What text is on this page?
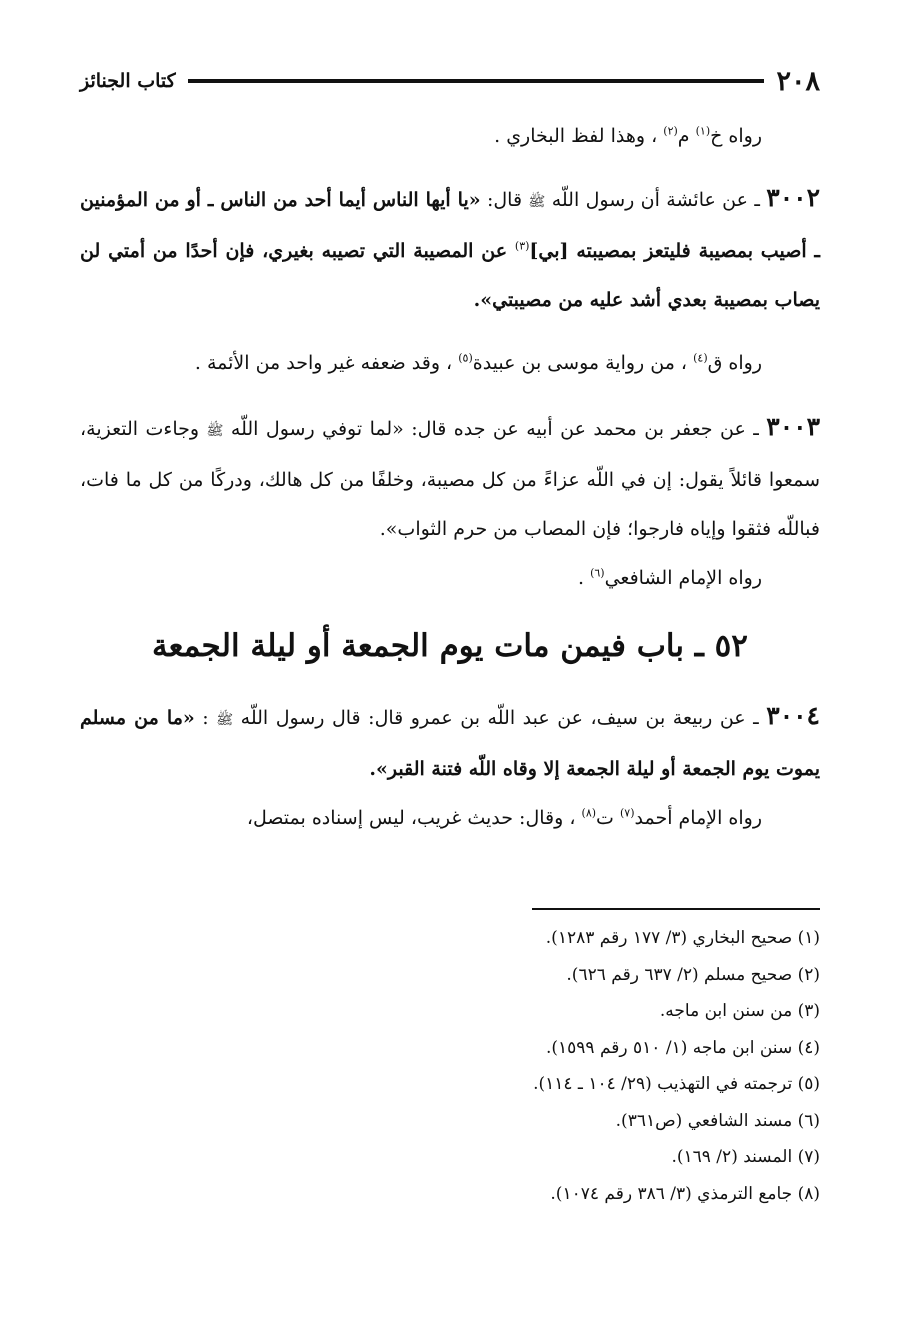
٢٠٨
كتاب الجنائز

رواه خ$^{(١)}$ م$^{(٢)}$ ، وهذا لفظ البخاري .

٣٠٠٢ ـ عن عائشة أن رسول اللّه ﷺ قال: «يا أيها الناس أيما أحد من الناس ـ أو من المؤمنين ـ أصيب بمصيبة فليتعز بمصيبته [بي]$^{(٣)}$ عن المصيبة التي تصيبه بغيري، فإن أحدًا من أمتي لن يصاب بمصيبة بعدي أشد عليه من مصيبتي».

رواه ق$^{(٤)}$ ، من رواية موسى بن عبيدة$^{(٥)}$ ، وقد ضعفه غير واحد من الأئمة .

٣٠٠٣ ـ عن جعفر بن محمد عن أبيه عن جده قال: «لما توفي رسول اللّه ﷺ وجاءت التعزية، سمعوا قائلاً يقول: إن في اللّه عزاءً من كل مصيبة، وخلفًا من كل هالك، ودركًا من كل ما فات، فباللّه فثقوا وإياه فارجوا؛ فإن المصاب من حرم الثواب».

رواه الإمام الشافعي$^{(٦)}$ .

٥٢ ـ باب فيمن مات يوم الجمعة أو ليلة الجمعة

٣٠٠٤ ـ عن ربيعة بن سيف، عن عبد اللّه بن عمرو قال: قال رسول اللّه ﷺ : «ما من مسلم يموت يوم الجمعة أو ليلة الجمعة إلا وقاه اللّه فتنة القبر».

رواه الإمام أحمد$^{(٧)}$ ت$^{(٨)}$ ، وقال: حديث غريب، ليس إسناده بمتصل،

(١) صحيح البخاري (٣/ ١٧٧ رقم ١٢٨٣).
(٢) صحيح مسلم (٢/ ٦٣٧ رقم ٦٢٦).
(٣) من سنن ابن ماجه.
(٤) سنن ابن ماجه (١/ ٥١٠ رقم ١٥٩٩).
(٥) ترجمته في التهذيب (٢٩/ ١٠٤ ـ ١١٤).
(٦) مسند الشافعي (ص٣٦١).
(٧) المسند (٢/ ١٦٩).
(٨) جامع الترمذي (٣/ ٣٨٦ رقم ١٠٧٤).
